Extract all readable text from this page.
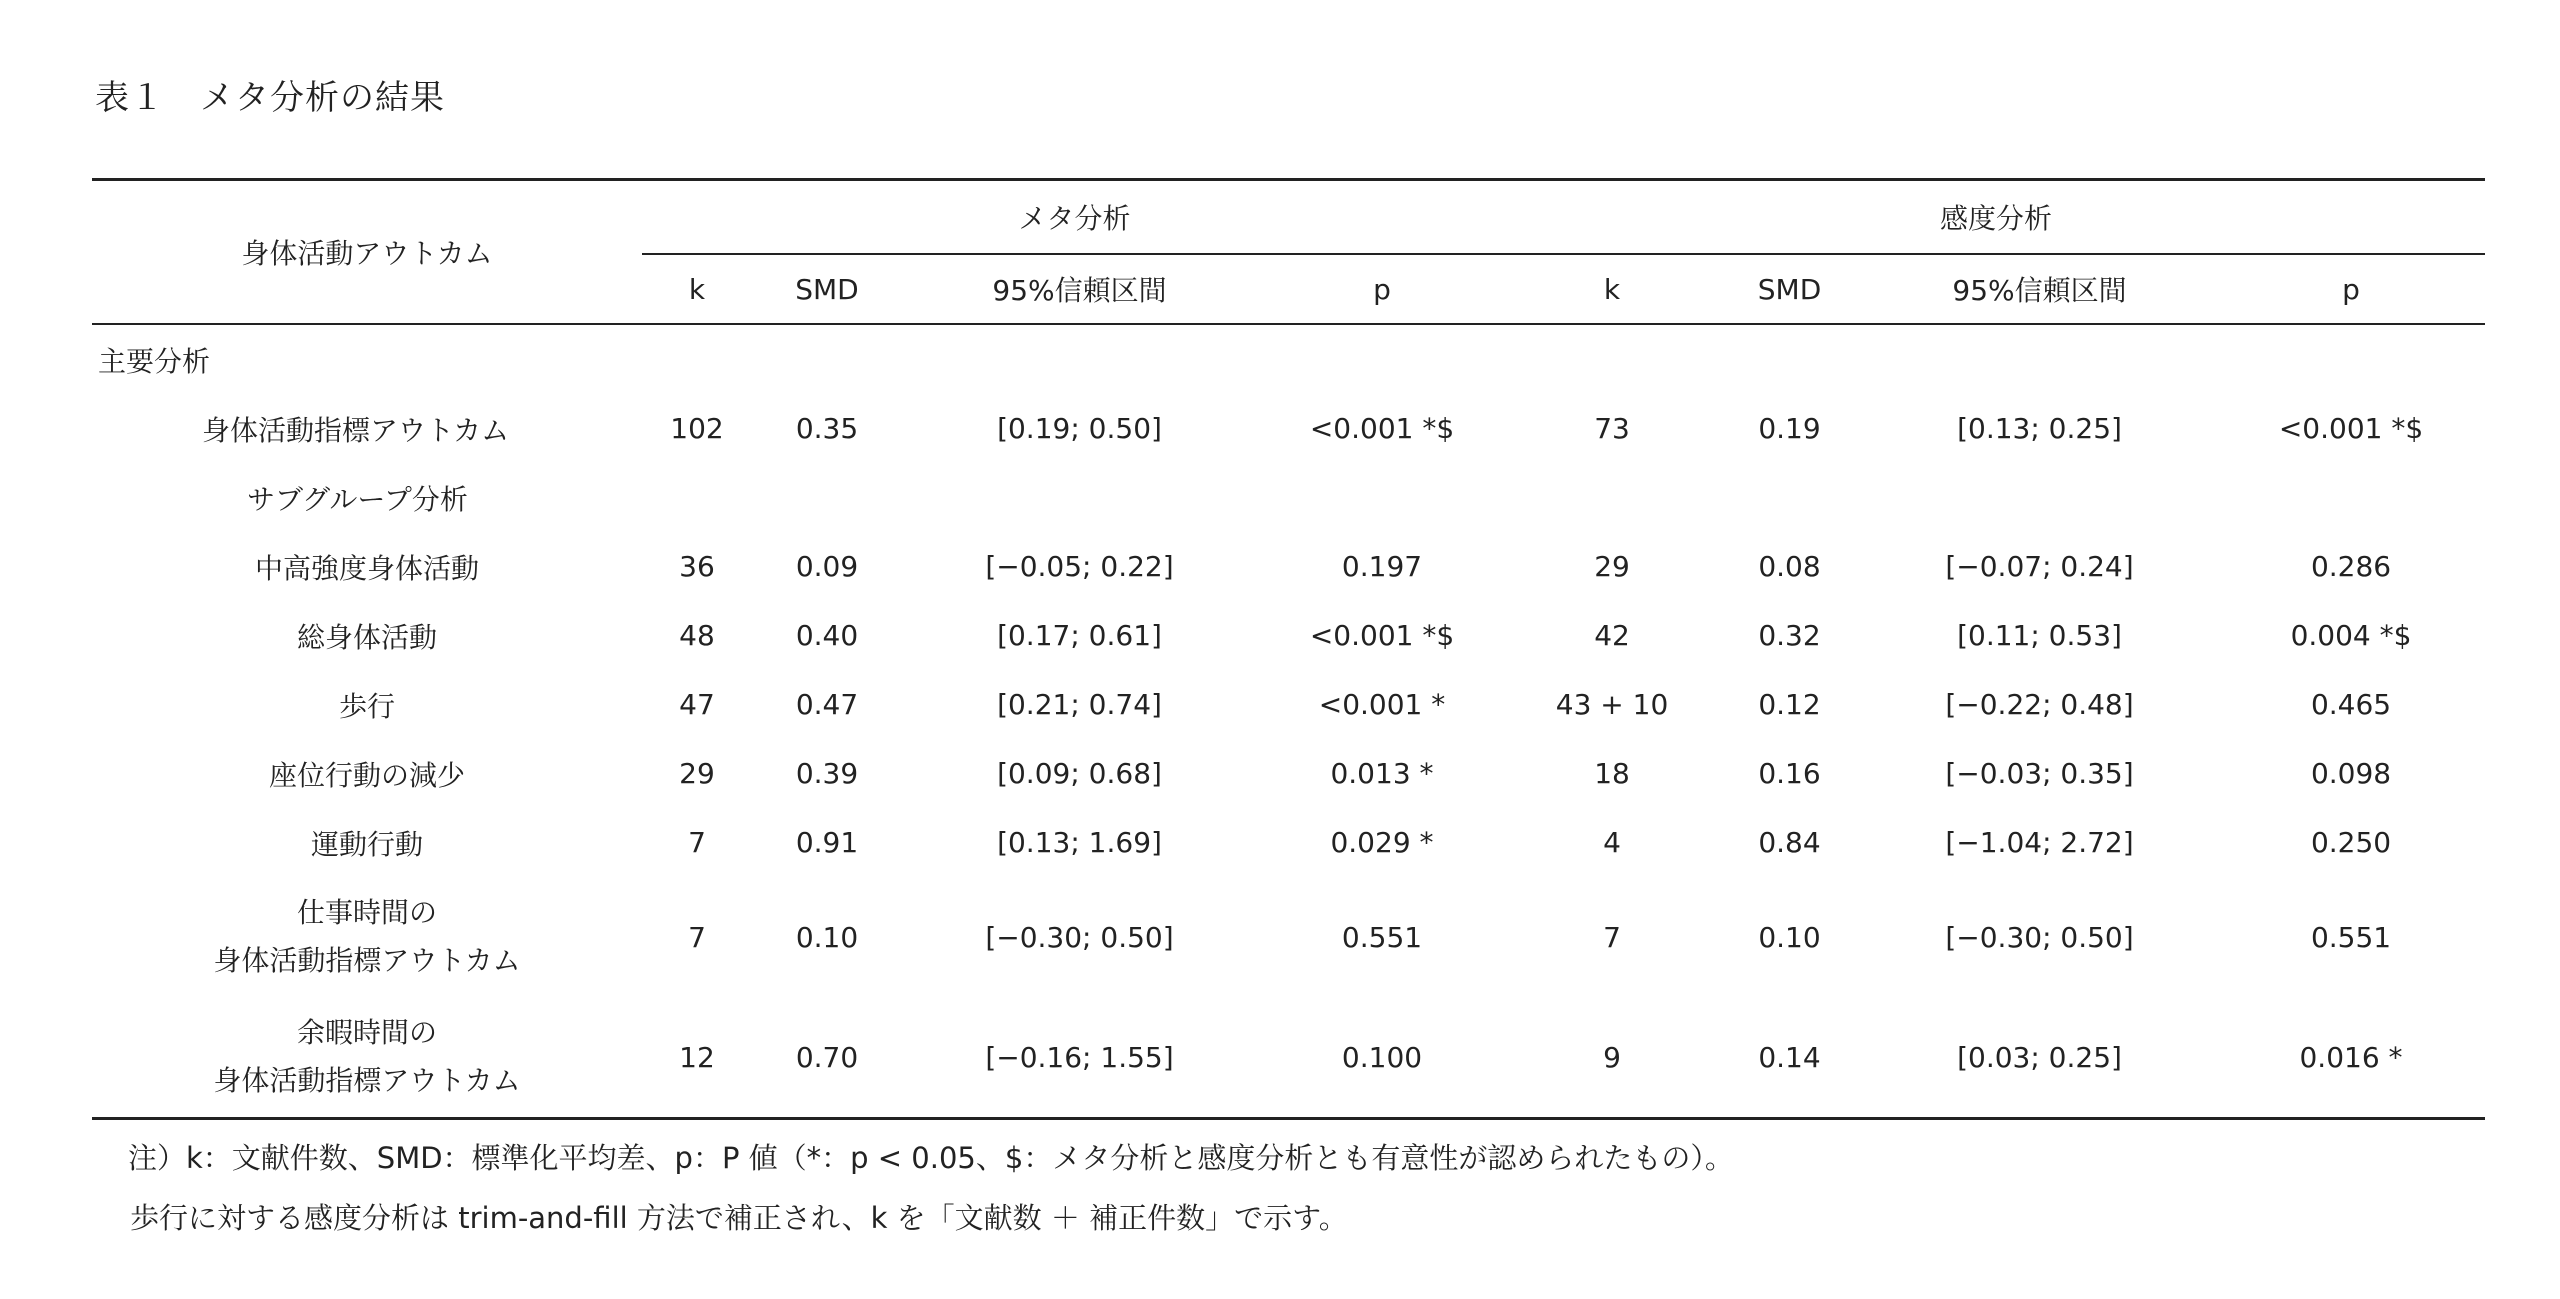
表１　メタ分析の結果
身体活動アウトカム	メタ分析				感度分析			
	k	SMD	95%信頼区間	p	k	SMD	95%信頼区間	p
主要分析								
身体活動指標アウトカム	102	0.35	[0.19; 0.50]	<0.001 *$	73	0.19	[0.13; 0.25]	<0.001 *$
サブグループ分析								
中高強度身体活動	36	0.09	[−0.05; 0.22]	0.197	29	0.08	[−0.07; 0.24]	0.286
総身体活動	48	0.40	[0.17; 0.61]	<0.001 *$	42	0.32	[0.11; 0.53]	0.004 *$
歩行	47	0.47	[0.21; 0.74]	<0.001 *	43 + 10	0.12	[−0.22; 0.48]	0.465
座位行動の減少	29	0.39	[0.09; 0.68]	0.013 *	18	0.16	[−0.03; 0.35]	0.098
運動行動	7	0.91	[0.13; 1.69]	0.029 *	4	0.84	[−1.04; 2.72]	0.250

仕事時間の
身体活動指標アウトカム	7	0.10	[−0.30; 0.50]	0.551	7	0.10	[−0.30; 0.50]	0.551

余暇時間の
身体活動指標アウトカム	12	0.70	[−0.16; 1.55]	0.100	9	0.14	[0.03; 0.25]	0.016 *
注）k：文献件数、SMD：標準化平均差、p：P 値（*：p < 0.05、$：メタ分析と感度分析とも有意性が認められたもの）。
歩行に対する感度分析は trim-and-fill 方法で補正され、k を「文献数 ＋ 補正件数」で示す。
